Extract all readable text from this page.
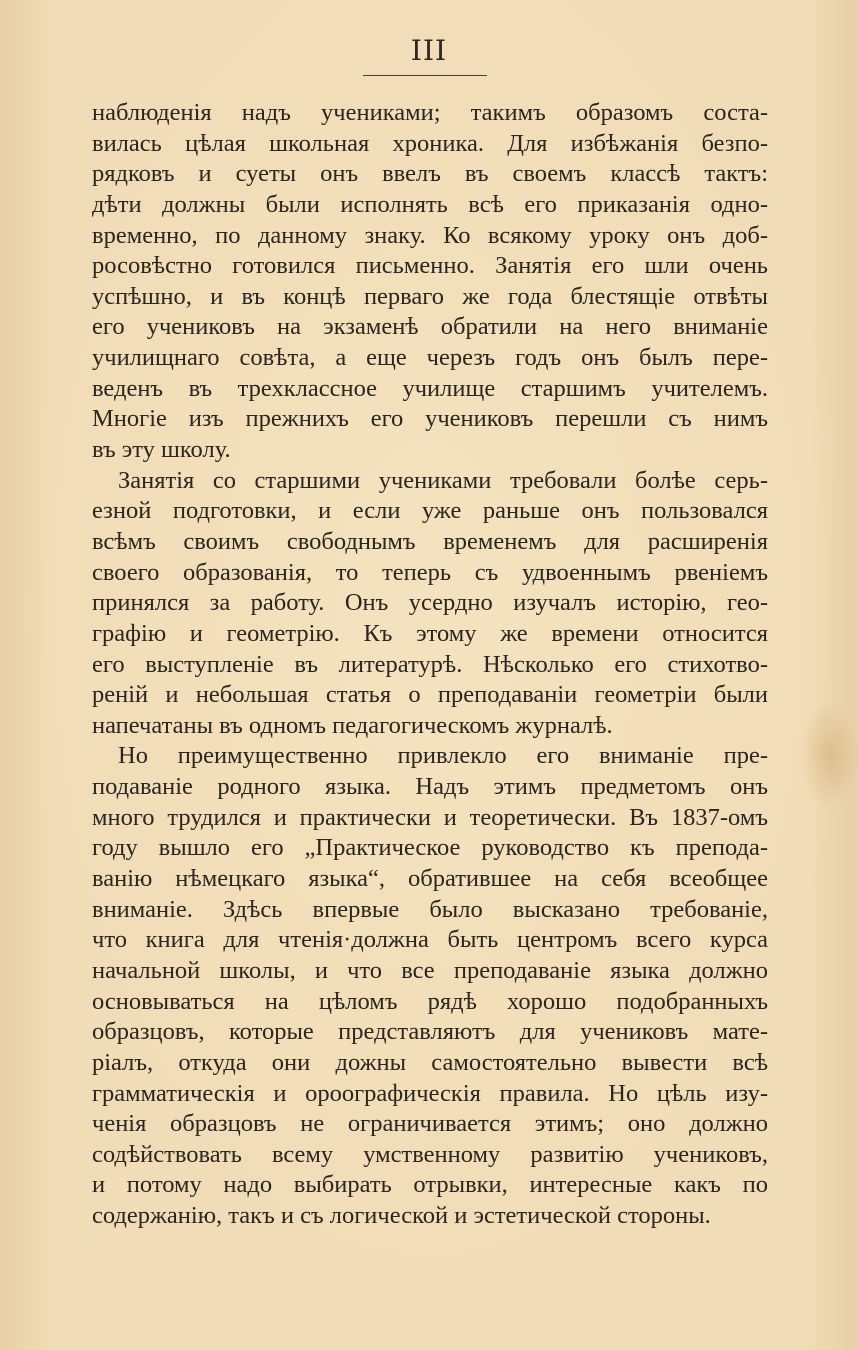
III
наблюденія надъ учениками; такимъ образомъ соста-
вилась цѣлая школьная хроника. Для избѣжанія безпо-
рядковъ и суеты онъ ввелъ въ своемъ классѣ тактъ:
дѣти должны были исполнять всѣ его приказанія одно-
временно, по данному знаку. Ко всякому уроку онъ доб-
росовѣстно готовился письменно. Занятія его шли очень
успѣшно, и въ концѣ перваго же года блестящіе отвѣты
его учениковъ на экзаменѣ обратили на него вниманіе
училищнаго совѣта, а еще черезъ годъ онъ былъ пере-
веденъ въ трехклассное училище старшимъ учителемъ.
Многіе изъ прежнихъ его учениковъ перешли съ нимъ
въ эту школу.
Занятія со старшими учениками требовали болѣе серь-
езной подготовки, и если уже раньше онъ пользовался
всѣмъ своимъ свободнымъ временемъ для расширенія
своего образованія, то теперь съ удвоеннымъ рвеніемъ
принялся за работу. Онъ усердно изучалъ исторію, гео-
графію и геометрію. Къ этому же времени относится
его выступленіе въ литературѣ. Нѣсколько его стихотво-
реній и небольшая статья о преподаваніи геометріи были
напечатаны въ одномъ педагогическомъ журналѣ.
Но преимущественно привлекло его вниманіе пре-
подаваніе родного языка. Надъ этимъ предметомъ онъ
много трудился и практически и теоретически. Въ 1837-омъ
году вышло его „Практическое руководство къ препода-
ванію нѣмецкаго языка“, обратившее на себя всеобщее
вниманіе. Здѣсь впервые было высказано требованіе,
что книга для чтенія·должна быть центромъ всего курса
начальной школы, и что все преподаваніе языка должно
основываться на цѣломъ рядѣ хорошо подобранныхъ
образцовъ, которые представляютъ для учениковъ мате-
ріалъ, откуда они дожны самостоятельно вывести всѣ
грамматическія и ороографическія правила. Но цѣль изу-
ченія образцовъ не ограничивается этимъ; оно должно
содѣйствовать всему умственному развитію учениковъ,
и потому надо выбирать отрывки, интересные какъ по
содержанію, такъ и съ логической и эстетической стороны.
